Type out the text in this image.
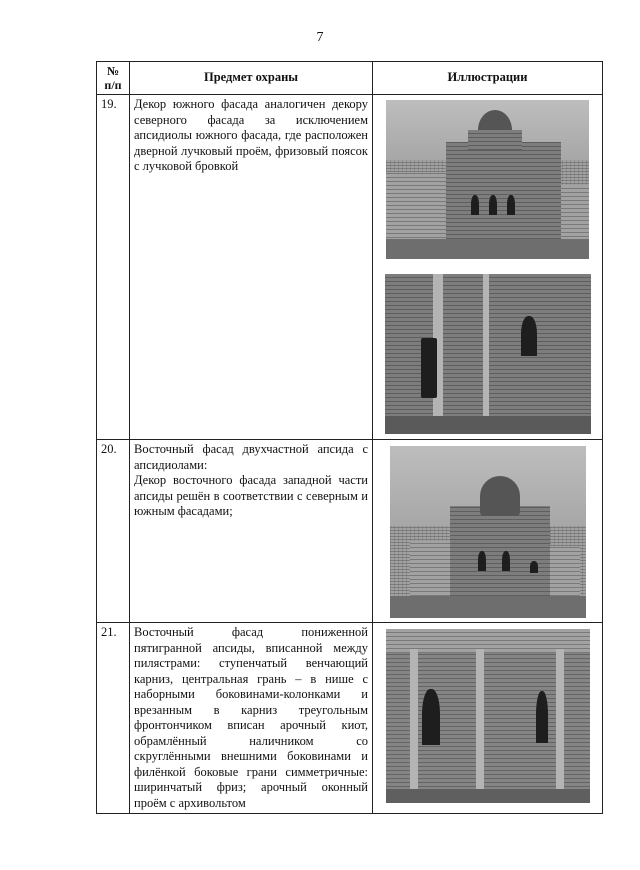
7
№
п/п	Предмет охраны	Иллюстрации
19.	Декор южного фасада аналогичен декору северного фасада за исключением апсидиолы южного фасада, где расположен дверной лучковый проём, фризовый поясок с лучковой бровкой	

20.	Восточный фасад двухчастной апсида с апсидиолами:
Декор восточного фасада западной части апсиды решён в соответствии с северным и южным фасадами;	

21.	Восточный фасад пониженной пятигранной апсиды, вписанной между пилястрами: ступенчатый венчающий карниз, центральная грань – в нише с наборными боковинами-колонками и врезанным в карниз треугольным фронтончиком вписан арочный киот, обрамлённый наличником со скруглёнными внешними боковинами и филёнкой боковые грани симметричные: ширинчатый фриз; арочный оконный проём с архивольтом	
